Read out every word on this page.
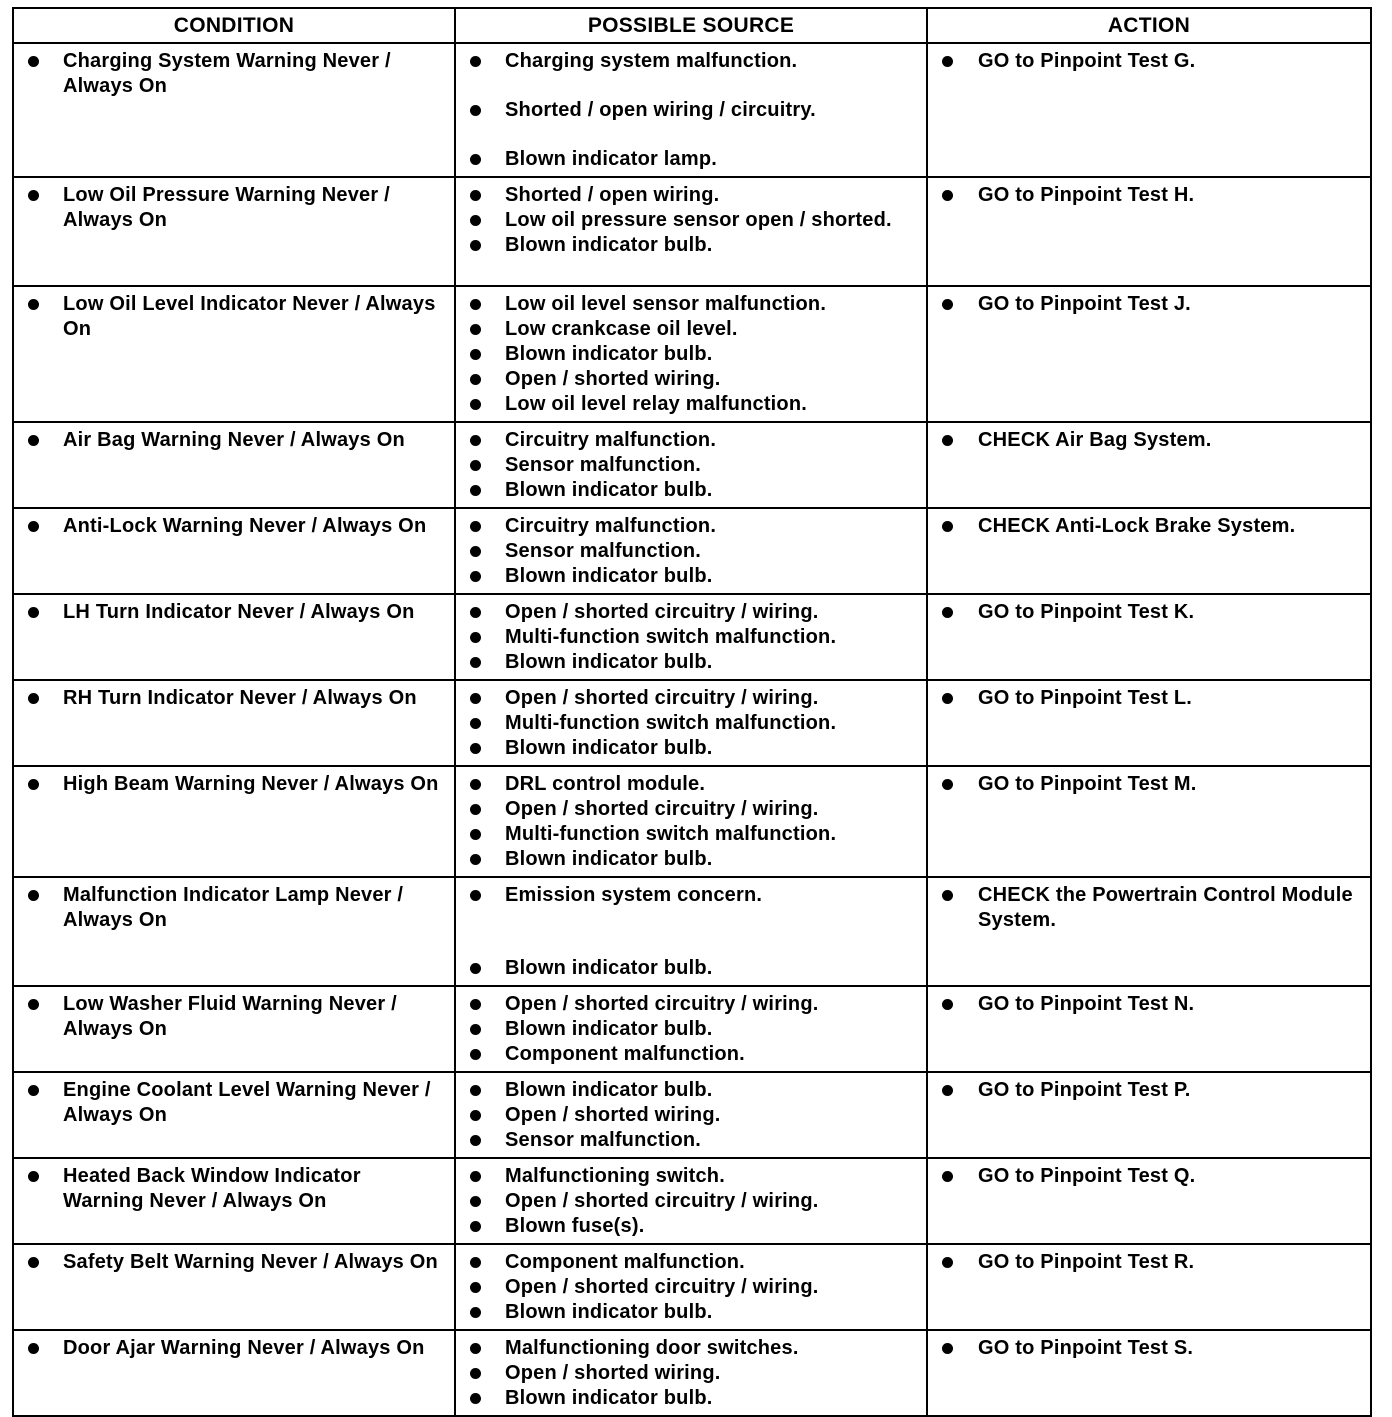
CONDITION	POSSIBLE SOURCE	ACTION

Charging System Warning Never / Always On	Charging system malfunction.
Shorted / open wiring / circuitry.
Blown indicator lamp.	GO to Pinpoint Test G.

Low Oil Pressure Warning Never / Always On	Shorted / open wiring.
Low oil pressure sensor open / shorted.
Blown indicator bulb.	GO to Pinpoint Test H.

Low Oil Level Indicator Never / Always On	Low oil level sensor malfunction.
Low crankcase oil level.
Blown indicator bulb.
Open / shorted wiring.
Low oil level relay malfunction.	GO to Pinpoint Test J.

Air Bag Warning Never / Always On	Circuitry malfunction.
Sensor malfunction.
Blown indicator bulb.	CHECK Air Bag System.

Anti-Lock Warning Never / Always On	Circuitry malfunction.
Sensor malfunction.
Blown indicator bulb.	CHECK Anti-Lock Brake System.

LH Turn Indicator Never / Always On	Open / shorted circuitry / wiring.
Multi-function switch malfunction.
Blown indicator bulb.	GO to Pinpoint Test K.

RH Turn Indicator Never / Always On	Open / shorted circuitry / wiring.
Multi-function switch malfunction.
Blown indicator bulb.	GO to Pinpoint Test L.

High Beam Warning Never / Always On	DRL control module.
Open / shorted circuitry / wiring.
Multi-function switch malfunction.
Blown indicator bulb.	GO to Pinpoint Test M.

Malfunction Indicator Lamp Never / Always On	Emission system concern.
Blown indicator bulb.	CHECK the Powertrain Control Module System.

Low Washer Fluid Warning Never / Always On	Open / shorted circuitry / wiring.
Blown indicator bulb.
Component malfunction.	GO to Pinpoint Test N.

Engine Coolant Level Warning Never / Always On	Blown indicator bulb.
Open / shorted wiring.
Sensor malfunction.	GO to Pinpoint Test P.

Heated Back Window Indicator Warning Never / Always On	Malfunctioning switch.
Open / shorted circuitry / wiring.
Blown fuse(s).	GO to Pinpoint Test Q.

Safety Belt Warning Never / Always On	Component malfunction.
Open / shorted circuitry / wiring.
Blown indicator bulb.	GO to Pinpoint Test R.

Door Ajar Warning Never / Always On	Malfunctioning door switches.
Open / shorted wiring.
Blown indicator bulb.	GO to Pinpoint Test S.
